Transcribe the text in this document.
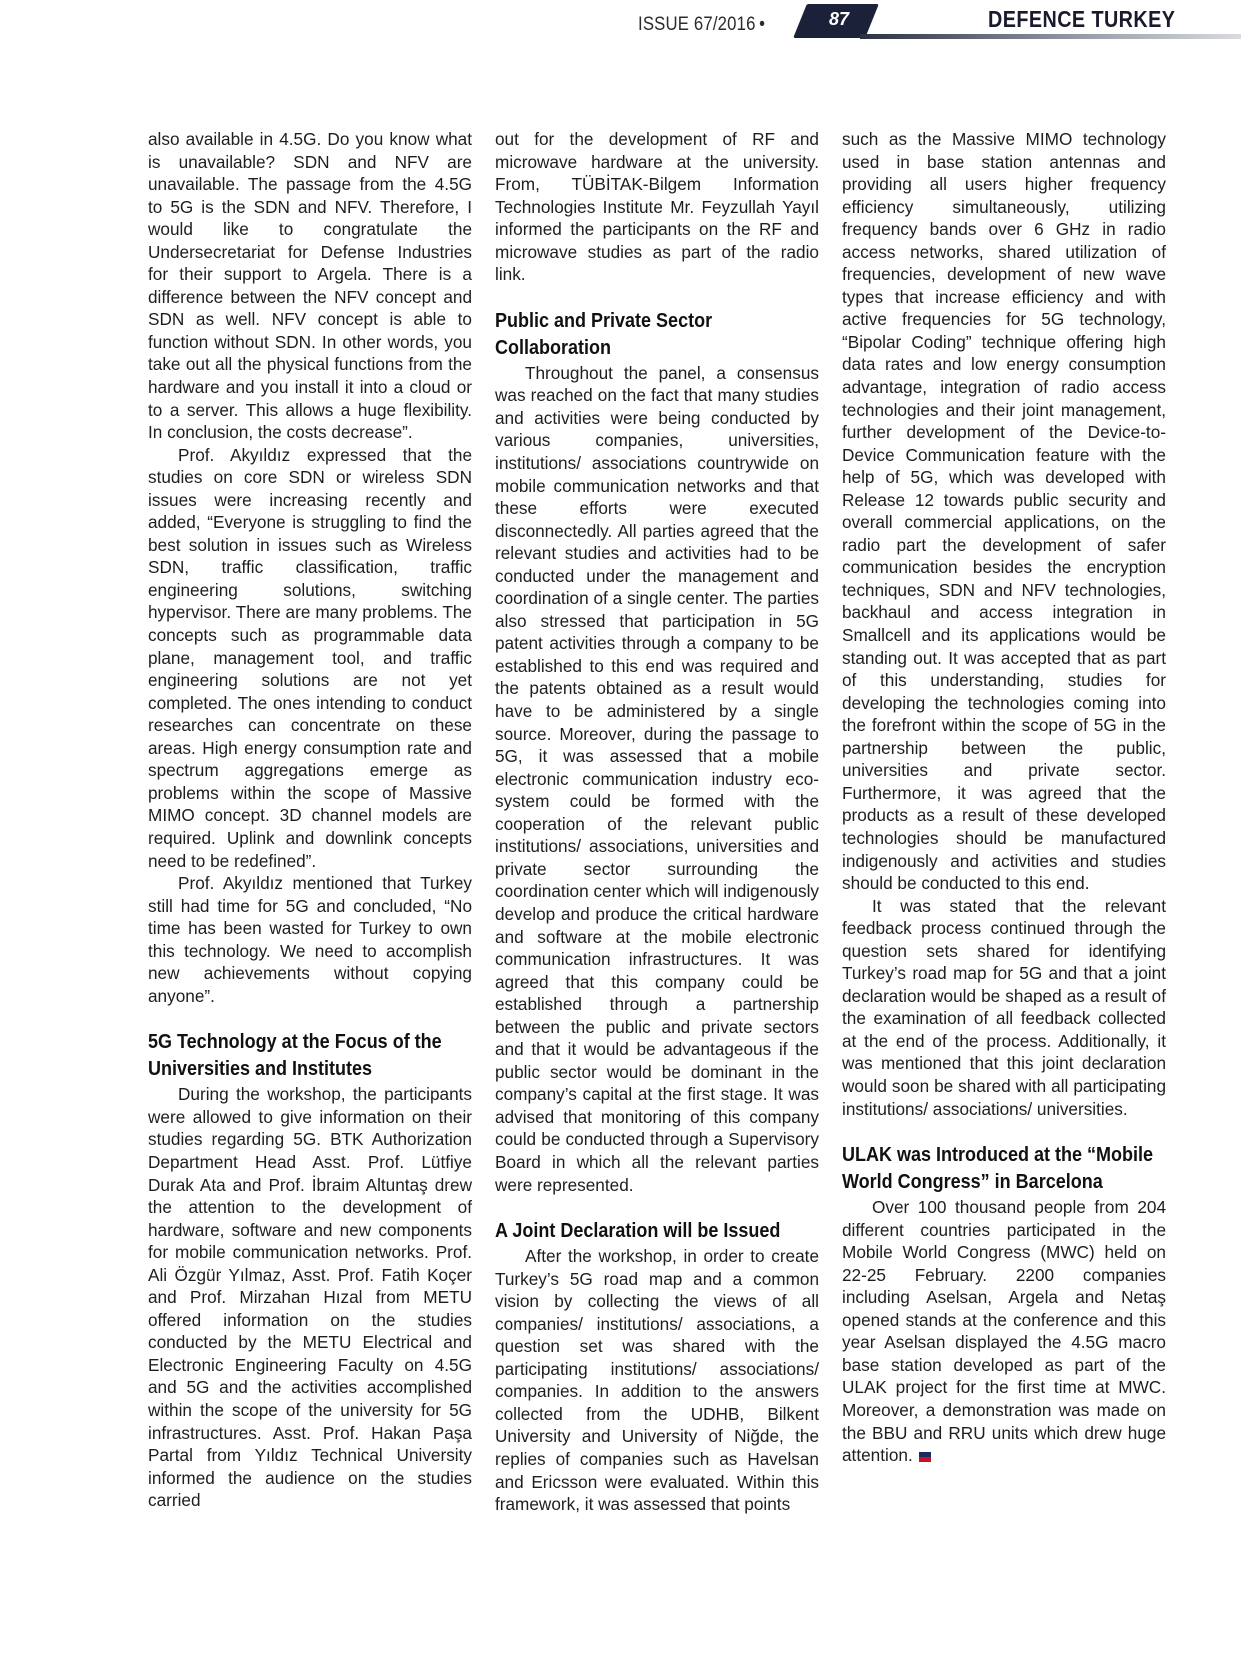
ISSUE 67/2016 •	87	DEFENCE TURKEY

also available in 4.5G. Do you know what is unavailable? SDN and NFV are unavailable. The passage from the 4.5G to 5G is the SDN and NFV. Therefore, I would like to congratulate the Undersecretariat for Defense Industries for their support to Argela. There is a difference between the NFV concept and SDN as well. NFV concept is able to function without SDN. In other words, you take out all the physical functions from the hardware and you install it into a cloud or to a server. This allows a huge flexibility. In conclusion, the costs decrease”.

Prof. Akyıldız expressed that the studies on core SDN or wireless SDN issues were increasing recently and added, “Everyone is struggling to find the best solution in issues such as Wireless SDN, traffic classification, traffic engineering solutions, switching hypervisor. There are many problems. The concepts such as programmable data plane, management tool, and traffic engineering solutions are not yet completed. The ones intending to conduct researches can concentrate on these areas. High energy consumption rate and spectrum aggregations emerge as problems within the scope of Massive MIMO concept. 3D channel models are required. Uplink and downlink concepts need to be redefined”.

Prof. Akyıldız mentioned that Turkey still had time for 5G and concluded, “No time has been wasted for Turkey to own this technology. We need to accomplish new achievements without copying anyone”.

5G Technology at the Focus of the Universities and Institutes

During the workshop, the participants were allowed to give information on their studies regarding 5G. BTK Authorization Department Head Asst. Prof. Lütfiye Durak Ata and Prof. İbraim Altuntaş drew the attention to the development of hardware, software and new components for mobile communication networks. Prof. Ali Özgür Yılmaz, Asst. Prof. Fatih Koçer and Prof. Mirzahan Hızal from METU offered information on the studies conducted by the METU Electrical and Electronic Engineering Faculty on 4.5G and 5G and the activities accomplished within the scope of the university for 5G infrastructures. Asst. Prof. Hakan Paşa Partal from Yıldız Technical University informed the audience on the studies carried

out for the development of RF and microwave hardware at the university. From, TÜBİTAK-Bilgem Information Technologies Institute Mr. Feyzullah Yayıl informed the participants on the RF and microwave studies as part of the radio link.

Public and Private Sector Collaboration

Throughout the panel, a consensus was reached on the fact that many studies and activities were being conducted by various companies, universities, institutions/ associations countrywide on mobile communication networks and that these efforts were executed disconnectedly. All parties agreed that the relevant studies and activities had to be conducted under the management and coordination of a single center. The parties also stressed that participation in 5G patent activities through a company to be established to this end was required and the patents obtained as a result would have to be administered by a single source. Moreover, during the passage to 5G, it was assessed that a mobile electronic communication industry eco-system could be formed with the cooperation of the relevant public institutions/ associations, universities and private sector surrounding the coordination center which will indigenously develop and produce the critical hardware and software at the mobile electronic communication infrastructures. It was agreed that this company could be established through a partnership between the public and private sectors and that it would be advantageous if the public sector would be dominant in the company’s capital at the first stage. It was advised that monitoring of this company could be conducted through a Supervisory Board in which all the relevant parties were represented.

A Joint Declaration will be Issued

After the workshop, in order to create Turkey’s 5G road map and a common vision by collecting the views of all companies/ institutions/ associations, a question set was shared with the participating institutions/ associations/ companies. In addition to the answers collected from the UDHB, Bilkent University and University of Niğde, the replies of companies such as Havelsan and Ericsson were evaluated. Within this framework, it was assessed that points

such as the Massive MIMO technology used in base station antennas and providing all users higher frequency efficiency simultaneously, utilizing frequency bands over 6 GHz in radio access networks, shared utilization of frequencies, development of new wave types that increase efficiency and with active frequencies for 5G technology, “Bipolar Coding” technique offering high data rates and low energy consumption advantage, integration of radio access technologies and their joint management, further development of the Device-to-Device Communication feature with the help of 5G, which was developed with Release 12 towards public security and overall commercial applications, on the radio part the development of safer communication besides the encryption techniques, SDN and NFV technologies, backhaul and access integration in Smallcell and its applications would be standing out. It was accepted that as part of this understanding, studies for developing the technologies coming into the forefront within the scope of 5G in the partnership between the public, universities and private sector. Furthermore, it was agreed that the products as a result of these developed technologies should be manufactured indigenously and activities and studies should be conducted to this end.

It was stated that the relevant feedback process continued through the question sets shared for identifying Turkey’s road map for 5G and that a joint declaration would be shaped as a result of the examination of all feedback collected at the end of the process. Additionally, it was mentioned that this joint declaration would soon be shared with all participating institutions/ associations/ universities.

ULAK was Introduced at the “Mobile World Congress” in Barcelona

Over 100 thousand people from 204 different countries participated in the Mobile World Congress (MWC) held on 22-25 February. 2200 companies including Aselsan, Argela and Netaş opened stands at the conference and this year Aselsan displayed the 4.5G macro base station developed as part of the ULAK project for the first time at MWC. Moreover, a demonstration was made on the BBU and RRU units which drew huge attention.
